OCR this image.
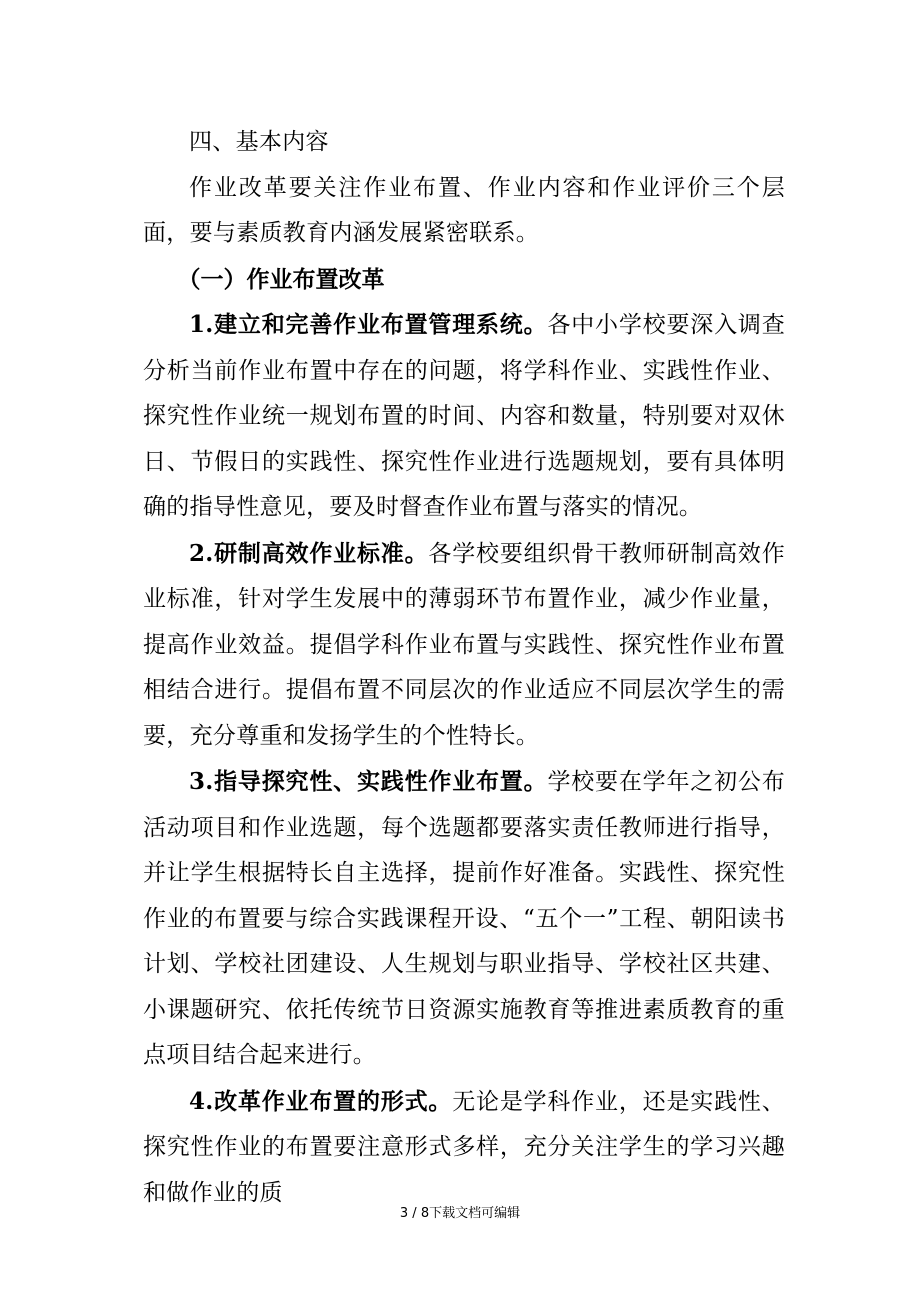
四、基本内容

作业改革要关注作业布置、作业内容和作业评价三个层面，要与素质教育内涵发展紧密联系。

（一）作业布置改革

1.建立和完善作业布置管理系统。各中小学校要深入调查分析当前作业布置中存在的问题，将学科作业、实践性作业、探究性作业统一规划布置的时间、内容和数量，特别要对双休日、节假日的实践性、探究性作业进行选题规划，要有具体明确的指导性意见，要及时督查作业布置与落实的情况。

2.研制高效作业标准。各学校要组织骨干教师研制高效作业标准，针对学生发展中的薄弱环节布置作业，减少作业量，提高作业效益。提倡学科作业布置与实践性、探究性作业布置相结合进行。提倡布置不同层次的作业适应不同层次学生的需要，充分尊重和发扬学生的个性特长。

3.指导探究性、实践性作业布置。学校要在学年之初公布活动项目和作业选题，每个选题都要落实责任教师进行指导，并让学生根据特长自主选择，提前作好准备。实践性、探究性作业的布置要与综合实践课程开设、“五个一”工程、朝阳读书计划、学校社团建设、人生规划与职业指导、学校社区共建、小课题研究、依托传统节日资源实施教育等推进素质教育的重点项目结合起来进行。

4.改革作业布置的形式。无论是学科作业，还是实践性、探究性作业的布置要注意形式多样，充分关注学生的学习兴趣和做作业的质

3 / 8下载文档可编辑
